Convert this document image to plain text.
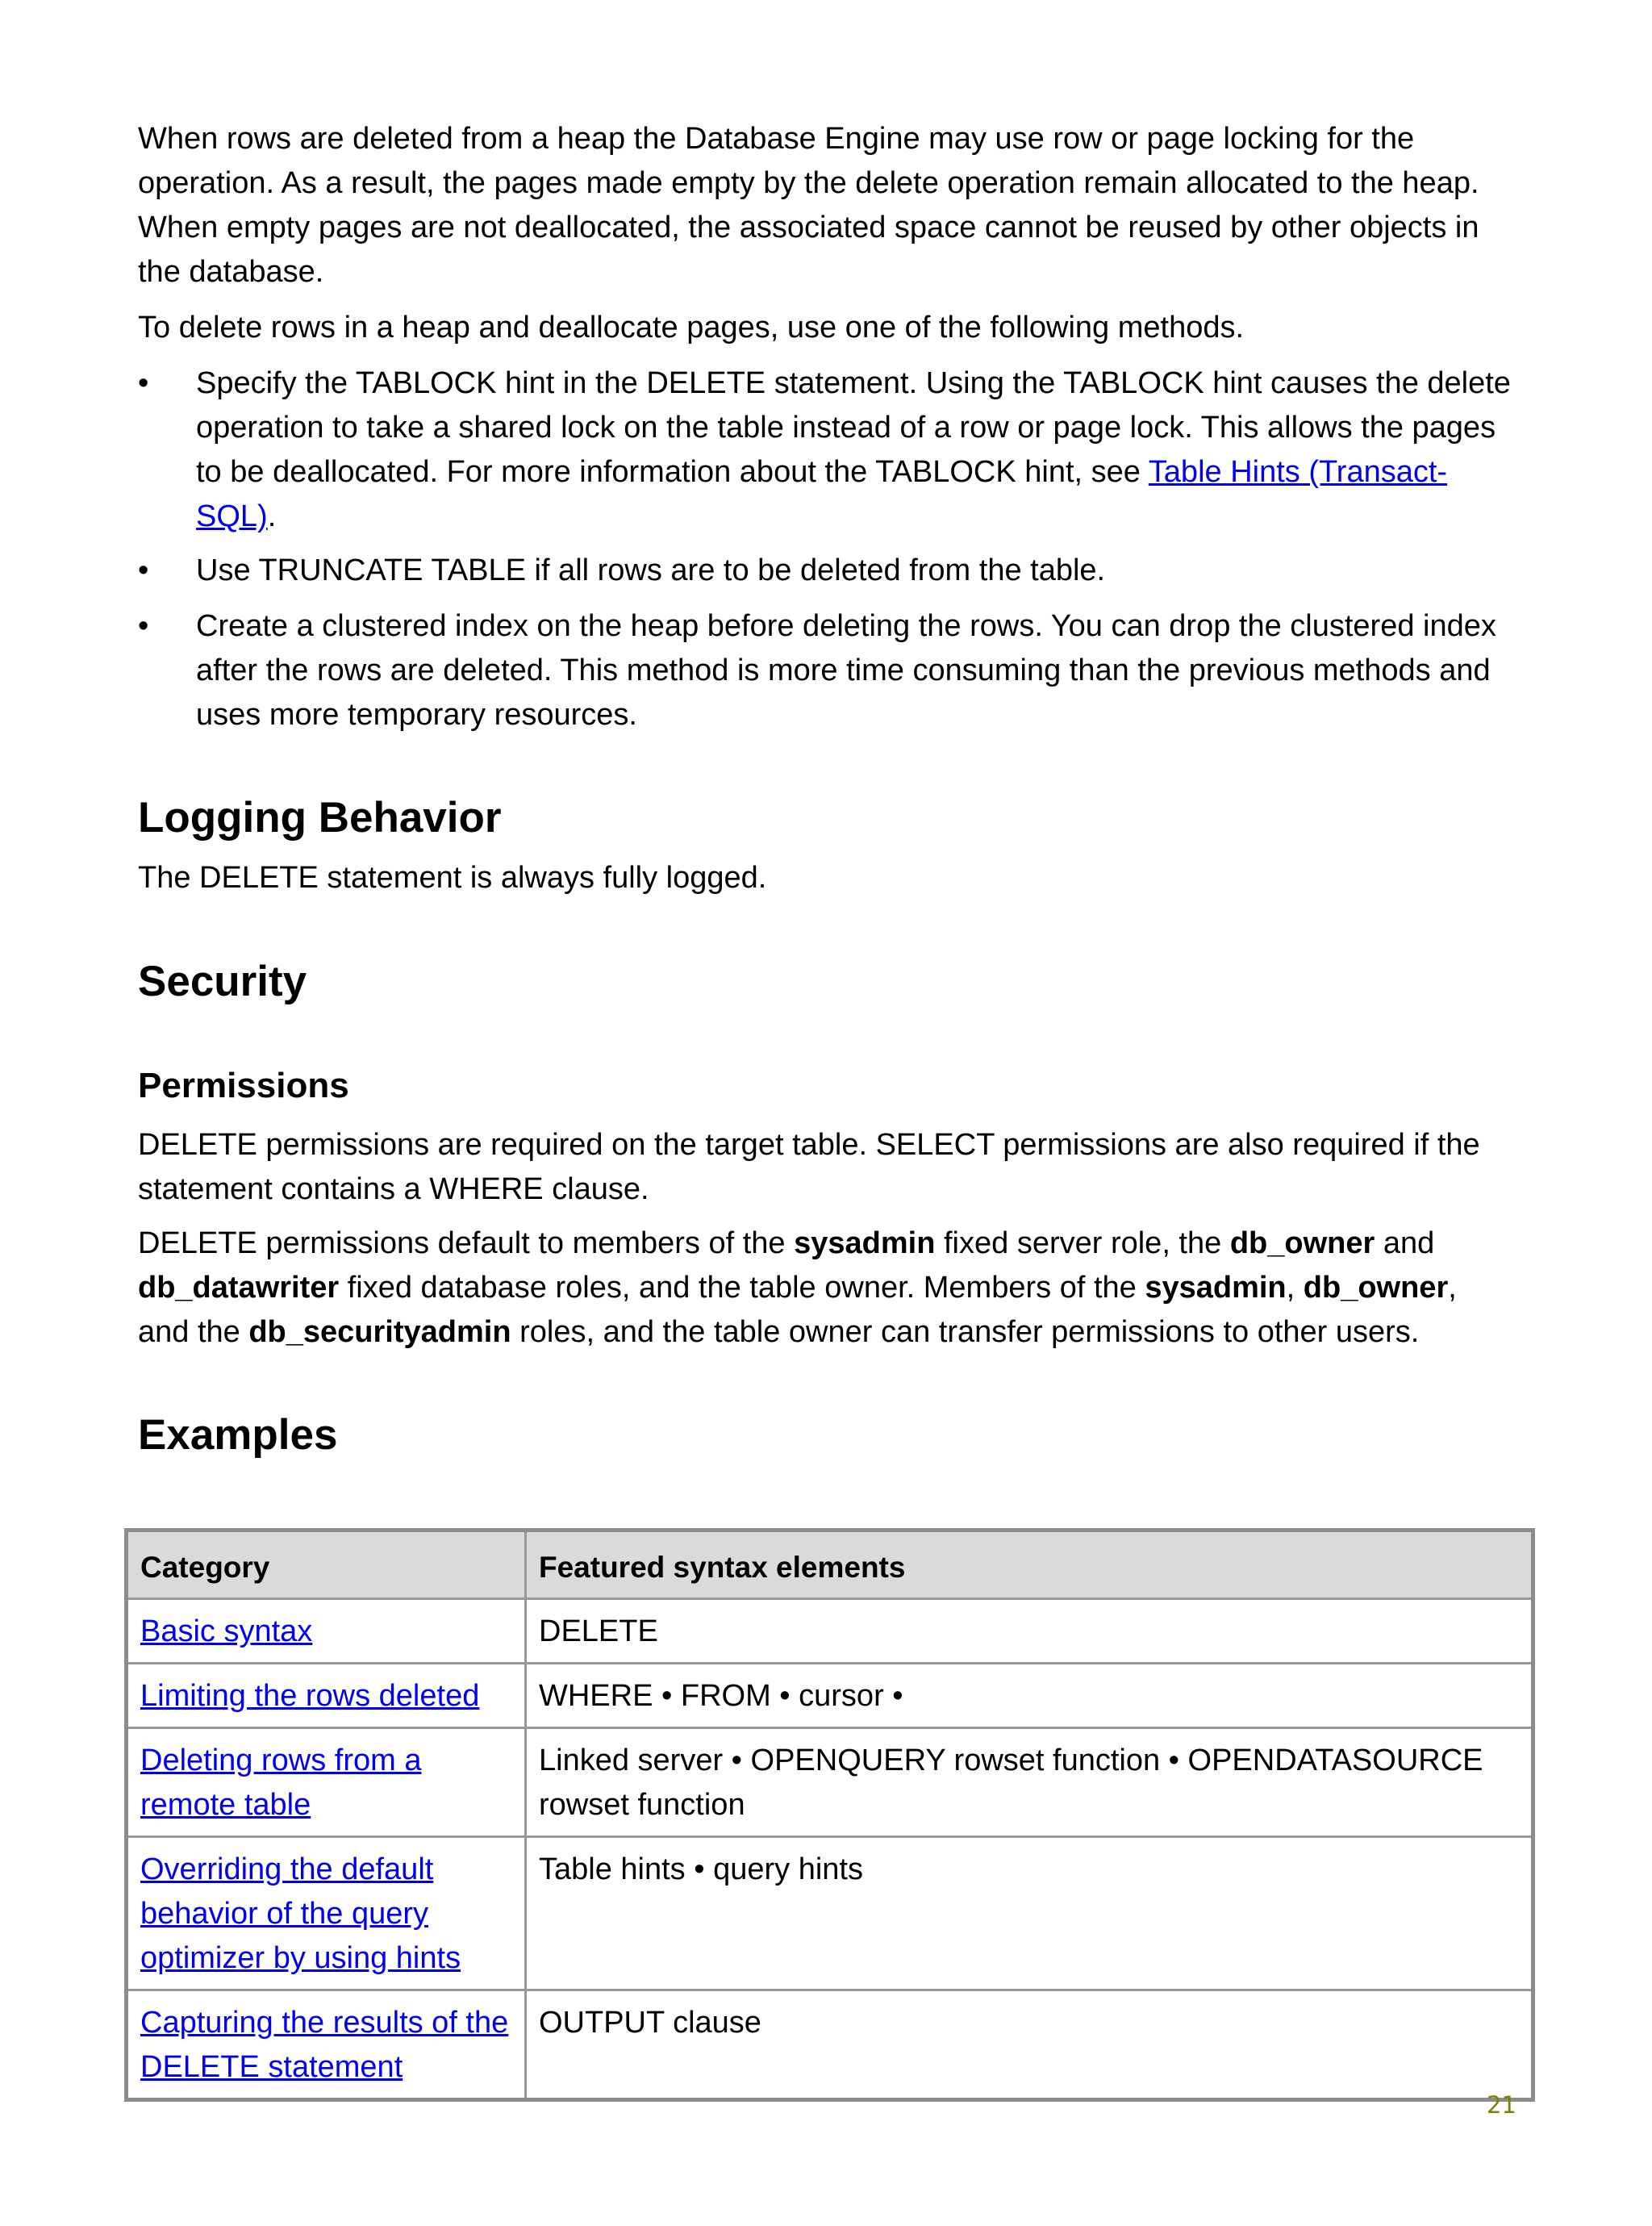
When rows are deleted from a heap the Database Engine may use row or page locking for the operation. As a result, the pages made empty by the delete operation remain allocated to the heap. When empty pages are not deallocated, the associated space cannot be reused by other objects in the database.

To delete rows in a heap and deallocate pages, use one of the following methods.

• Specify the TABLOCK hint in the DELETE statement. Using the TABLOCK hint causes the delete operation to take a shared lock on the table instead of a row or page lock. This allows the pages to be deallocated. For more information about the TABLOCK hint, see Table Hints (Transact-SQL).
• Use TRUNCATE TABLE if all rows are to be deleted from the table.
• Create a clustered index on the heap before deleting the rows. You can drop the clustered index after the rows are deleted. This method is more time consuming than the previous methods and uses more temporary resources.
Logging Behavior

The DELETE statement is always fully logged.

Security
Permissions

DELETE permissions are required on the target table. SELECT permissions are also required if the statement contains a WHERE clause.

DELETE permissions default to members of the sysadmin fixed server role, the db_owner and db_datawriter fixed database roles, and the table owner. Members of the sysadmin, db_owner, and the db_securityadmin roles, and the table owner can transfer permissions to other users.

Examples
Category	Featured syntax elements
Basic syntax	DELETE
Limiting the rows deleted	WHERE • FROM • cursor •
Deleting rows from a remote table	Linked server • OPENQUERY rowset function • OPENDATASOURCE rowset function
Overriding the default behavior of the query optimizer by using hints	Table hints • query hints
Capturing the results of the DELETE statement	OUTPUT clause
21
